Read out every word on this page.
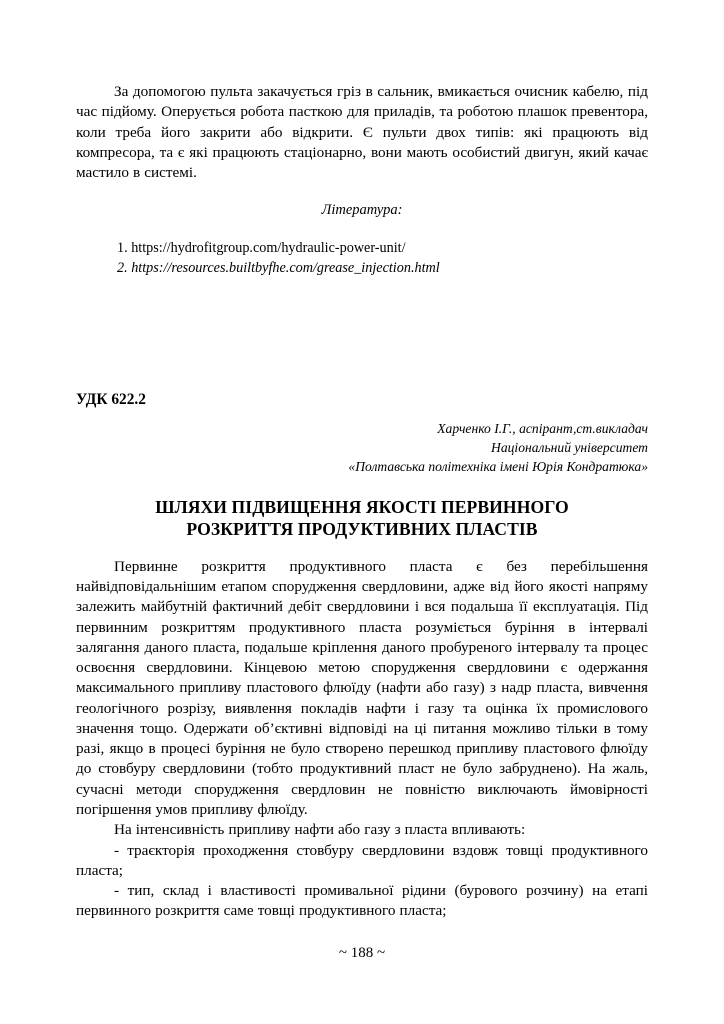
За допомогою пульта закачується гріз в сальник, вмикається очисник кабелю, під час підйому. Оперується робота пасткою для приладів, та роботою плашок превентора, коли треба його закрити або відкрити. Є пульти двох типів: які працюють від компресора, та є які працюють стаціонарно, вони мають особистий двигун, який качає мастило в системі.

Література:

1. https://hydrofitgroup.com/hydraulic-power-unit/
2. https://resources.builtbyfhe.com/grease_injection.html

УДК 622.2

Харченко І.Г., аспірант,ст.викладач
Національний університет
«Полтавська політехніка імені Юрія Кондратюка»
ШЛЯХИ ПІДВИЩЕННЯ ЯКОСТІ ПЕРВИННОГО
РОЗКРИТТЯ ПРОДУКТИВНИХ ПЛАСТІВ

Первинне розкриття продуктивного пласта є без перебільшення найвідповідальнішим етапом спорудження свердловини, адже від його якості напряму залежить майбутній фактичний дебіт свердловини і вся подальша її експлуатація. Під первинним розкриттям продуктивного пласта розуміється буріння в інтервалі залягання даного пласта, подальше кріплення даного пробуреного інтервалу та процес освоєння свердловини. Кінцевою метою спорудження свердловини є одержання максимального припливу пластового флюїду (нафти або газу) з надр пласта, вивчення геологічного розрізу, виявлення покладів нафти і газу та оцінка їх промислового значення тощо. Одержати об’єктивні відповіді на ці питання можливо тільки в тому разі, якщо в процесі буріння не було створено перешкод припливу пластового флюїду до стовбуру свердловини (тобто продуктивний пласт не було забруднено). На жаль, сучасні методи спорудження свердловин не повністю виключають ймовірності погіршення умов припливу флюїду.

На інтенсивність припливу нафти або газу з пласта впливають:

- траєкторія проходження стовбуру свердловини вздовж товщі продуктивного пласта;

- тип, склад і властивості промивальної рідини (бурового розчину) на етапі первинного розкриття саме товщі продуктивного пласта;

~ 188 ~
